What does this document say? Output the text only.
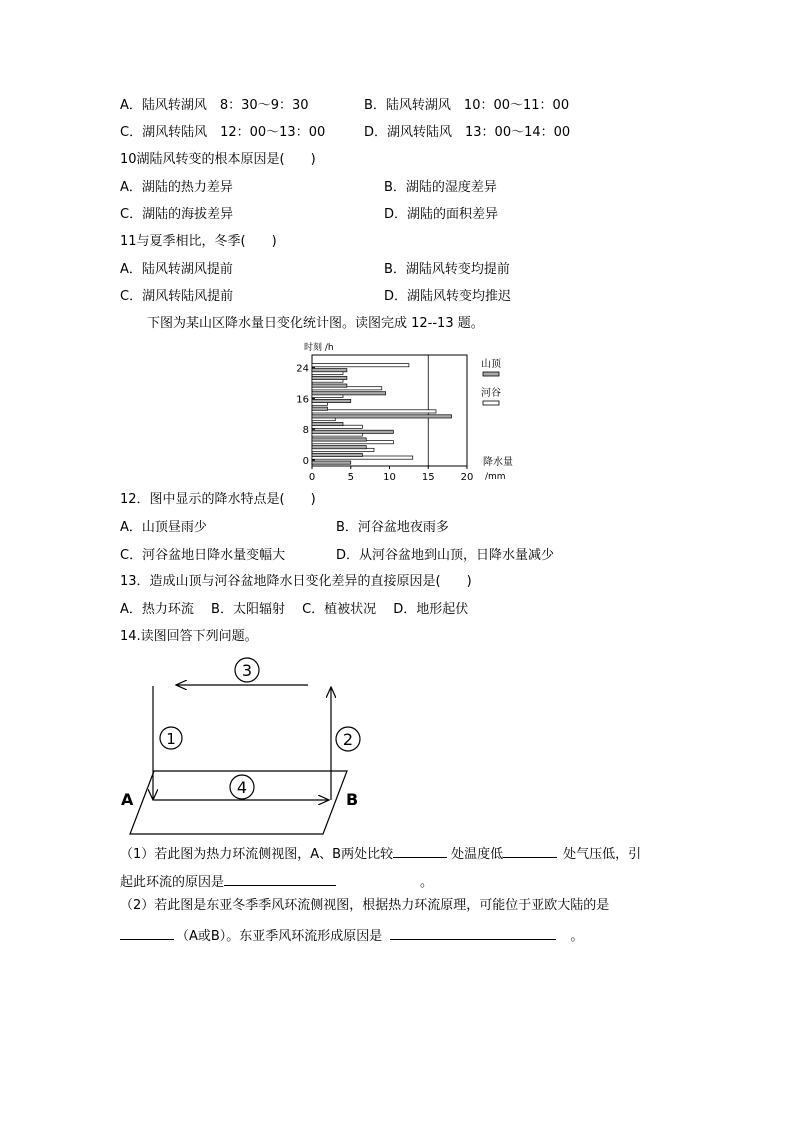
A．陆风转湖风　8：30～9：30	B．陆风转湖风　10：00～11：00
C．湖风转陆风　12：00～13：00	D．湖风转陆风　13：00～14：00
10湖陆风转变的根本原因是(　　)
A．湖陆的热力差异	B．湖陆的湿度差异
C．湖陆的海拔差异	D．湖陆的面积差异
11与夏季相比，冬季(　　)
A．陆风转湖风提前	B．湖陆风转变均提前
C．湖风转陆风提前	D．湖陆风转变均推迟
下图为某山区降水量日变化统计图。读图完成 12--13 题。
时刻 /h
0	5	10	15	20
0
8
16
24	山顶
河谷
降水量
/mm
12．图中显示的降水特点是(　　)
A．山顶昼雨少	B．河谷盆地夜雨多
C．河谷盆地日降水量变幅大	D．从河谷盆地到山顶，日降水量减少
13．造成山顶与河谷盆地降水日变化差异的直接原因是(　　)
A．热力环流　 B．太阳辐射　 C．植被状况　 D．地形起伏
14.读图回答下列问题。
3
1	2
4
A	B
（1）若此图为热力环流侧视图，A、B两处比较	处温度低	处气压低，引
起此环流的原因是	。
（2）若此图是东亚冬季季风环流侧视图，根据热力环流原理，可能位于亚欧大陆的是
（A或B）。东亚季风环流形成原因是	。
